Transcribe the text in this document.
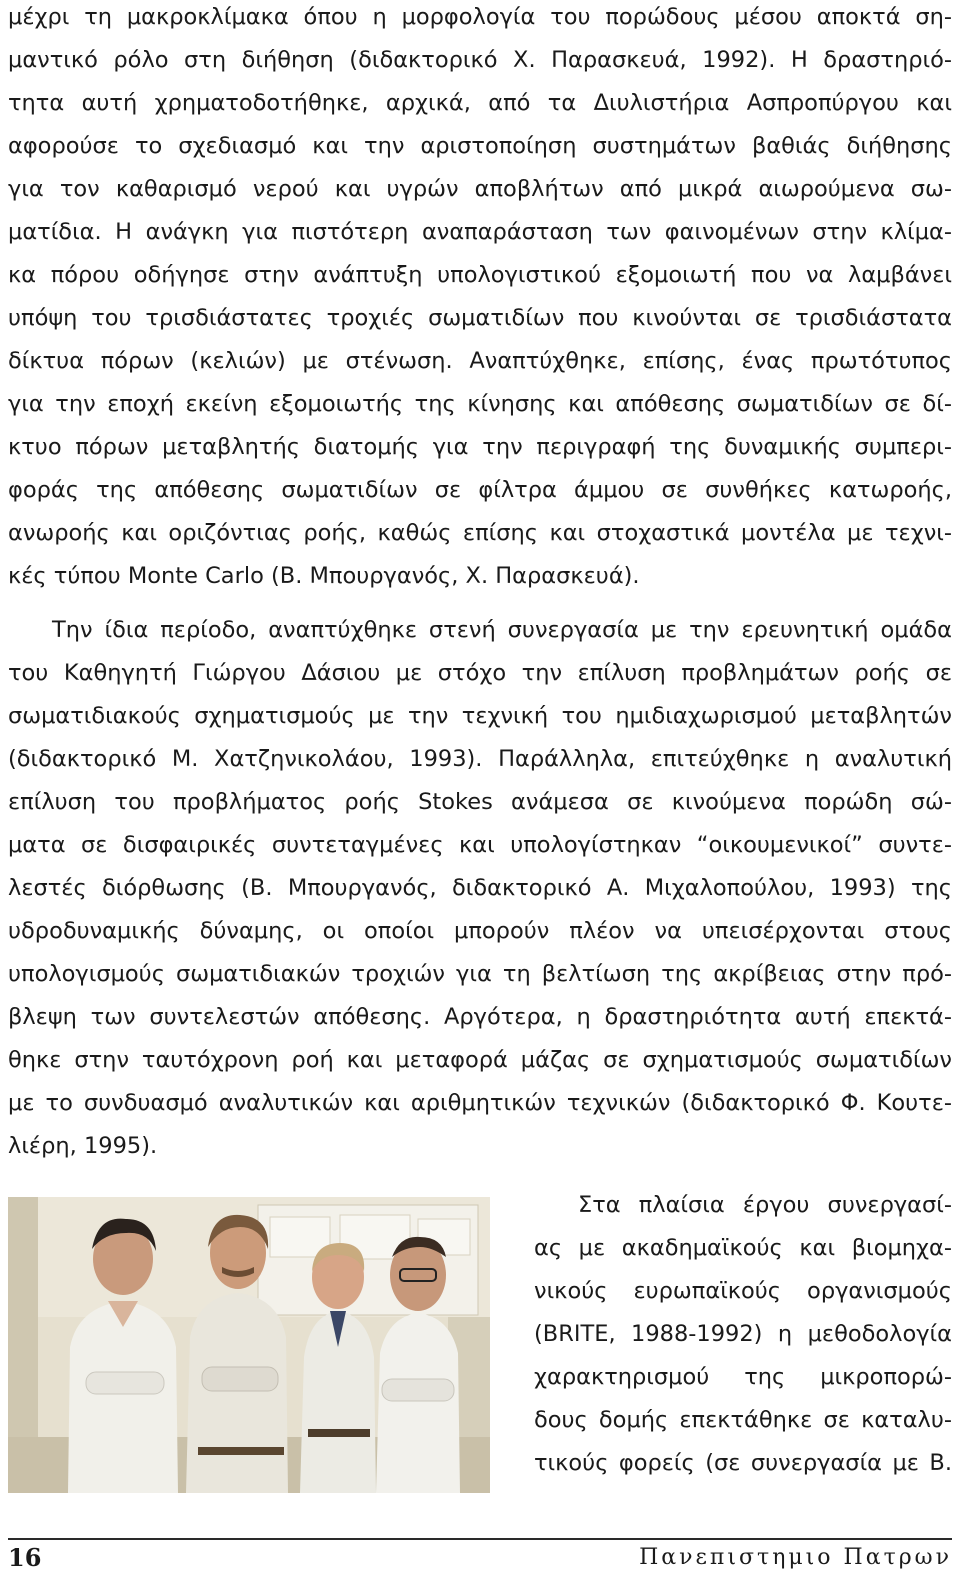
μέχρι τη μακροκλίμακα όπου η μορφολογία του πορώδους μέσου αποκτά ση-
μαντικό ρόλο στη διήθηση (διδακτορικό Χ. Παρασκευά, 1992). Η δραστηριό-
τητα αυτή χρηματοδοτήθηκε, αρχικά, από τα Διυλιστήρια Ασπροπύργου και
αφορούσε το σχεδιασμό και την αριστοποίηση συστημάτων βαθιάς διήθησης
για τον καθαρισμό νερού και υγρών αποβλήτων από μικρά αιωρούμενα σω-
ματίδια. Η ανάγκη για πιστότερη αναπαράσταση των φαινομένων στην κλίμα-
κα πόρου οδήγησε στην ανάπτυξη υπολογιστικού εξομοιωτή που να λαμβάνει
υπόψη του τρισδιάστατες τροχιές σωματιδίων που κινούνται σε τρισδιάστατα
δίκτυα πόρων (κελιών) με στένωση. Αναπτύχθηκε, επίσης, ένας πρωτότυπος
για την εποχή εκείνη εξομοιωτής της κίνησης και απόθεσης σωματιδίων σε δί-
κτυο πόρων μεταβλητής διατομής για την περιγραφή της δυναμικής συμπερι-
φοράς της απόθεσης σωματιδίων σε φίλτρα άμμου σε συνθήκες κατωροής,
ανωροής και οριζόντιας ροής, καθώς επίσης και στοχαστικά μοντέλα με τεχνι-
κές τύπου Monte Carlo (Β. Μπουργανός, Χ. Παρασκευά).
Την ίδια περίοδο, αναπτύχθηκε στενή συνεργασία με την ερευνητική ομάδα
του Καθηγητή Γιώργου Δάσιου με στόχο την επίλυση προβλημάτων ροής σε
σωματιδιακούς σχηματισμούς με την τεχνική του ημιδιαχωρισμού μεταβλητών
(διδακτορικό Μ. Χατζηνικολάου, 1993). Παράλληλα, επιτεύχθηκε η αναλυτική
επίλυση του προβλήματος ροής Stokes ανάμεσα σε κινούμενα πορώδη σώ-
ματα σε δισφαιρικές συντεταγμένες και υπολογίστηκαν “οικουμενικοί” συντε-
λεστές διόρθωσης (Β. Μπουργανός, διδακτορικό Α. Μιχαλοπούλου, 1993) της
υδροδυναμικής δύναμης, οι οποίοι μπορούν πλέον να υπεισέρχονται στους
υπολογισμούς σωματιδιακών τροχιών για τη βελτίωση της ακρίβειας στην πρό-
βλεψη των συντελεστών απόθεσης. Αργότερα, η δραστηριότητα αυτή επεκτά-
θηκε στην ταυτόχρονη ροή και μεταφορά μάζας σε σχηματισμούς σωματιδίων
με το συνδυασμό αναλυτικών και αριθμητικών τεχνικών (διδακτορικό Φ. Κουτε-
λιέρη, 1995).
Στα πλαίσια έργου συνεργασί-
ας με ακαδημαϊκούς και βιομηχα-
νικούς ευρωπαϊκούς οργανισμούς
(BRITE, 1988-1992) η μεθοδολογία
χαρακτηρισμού της μικροπορώ-
δους δομής επεκτάθηκε σε καταλυ-
τικούς φορείς (σε συνεργασία με Β.
16	Πανεπιστημιο Πατρων
